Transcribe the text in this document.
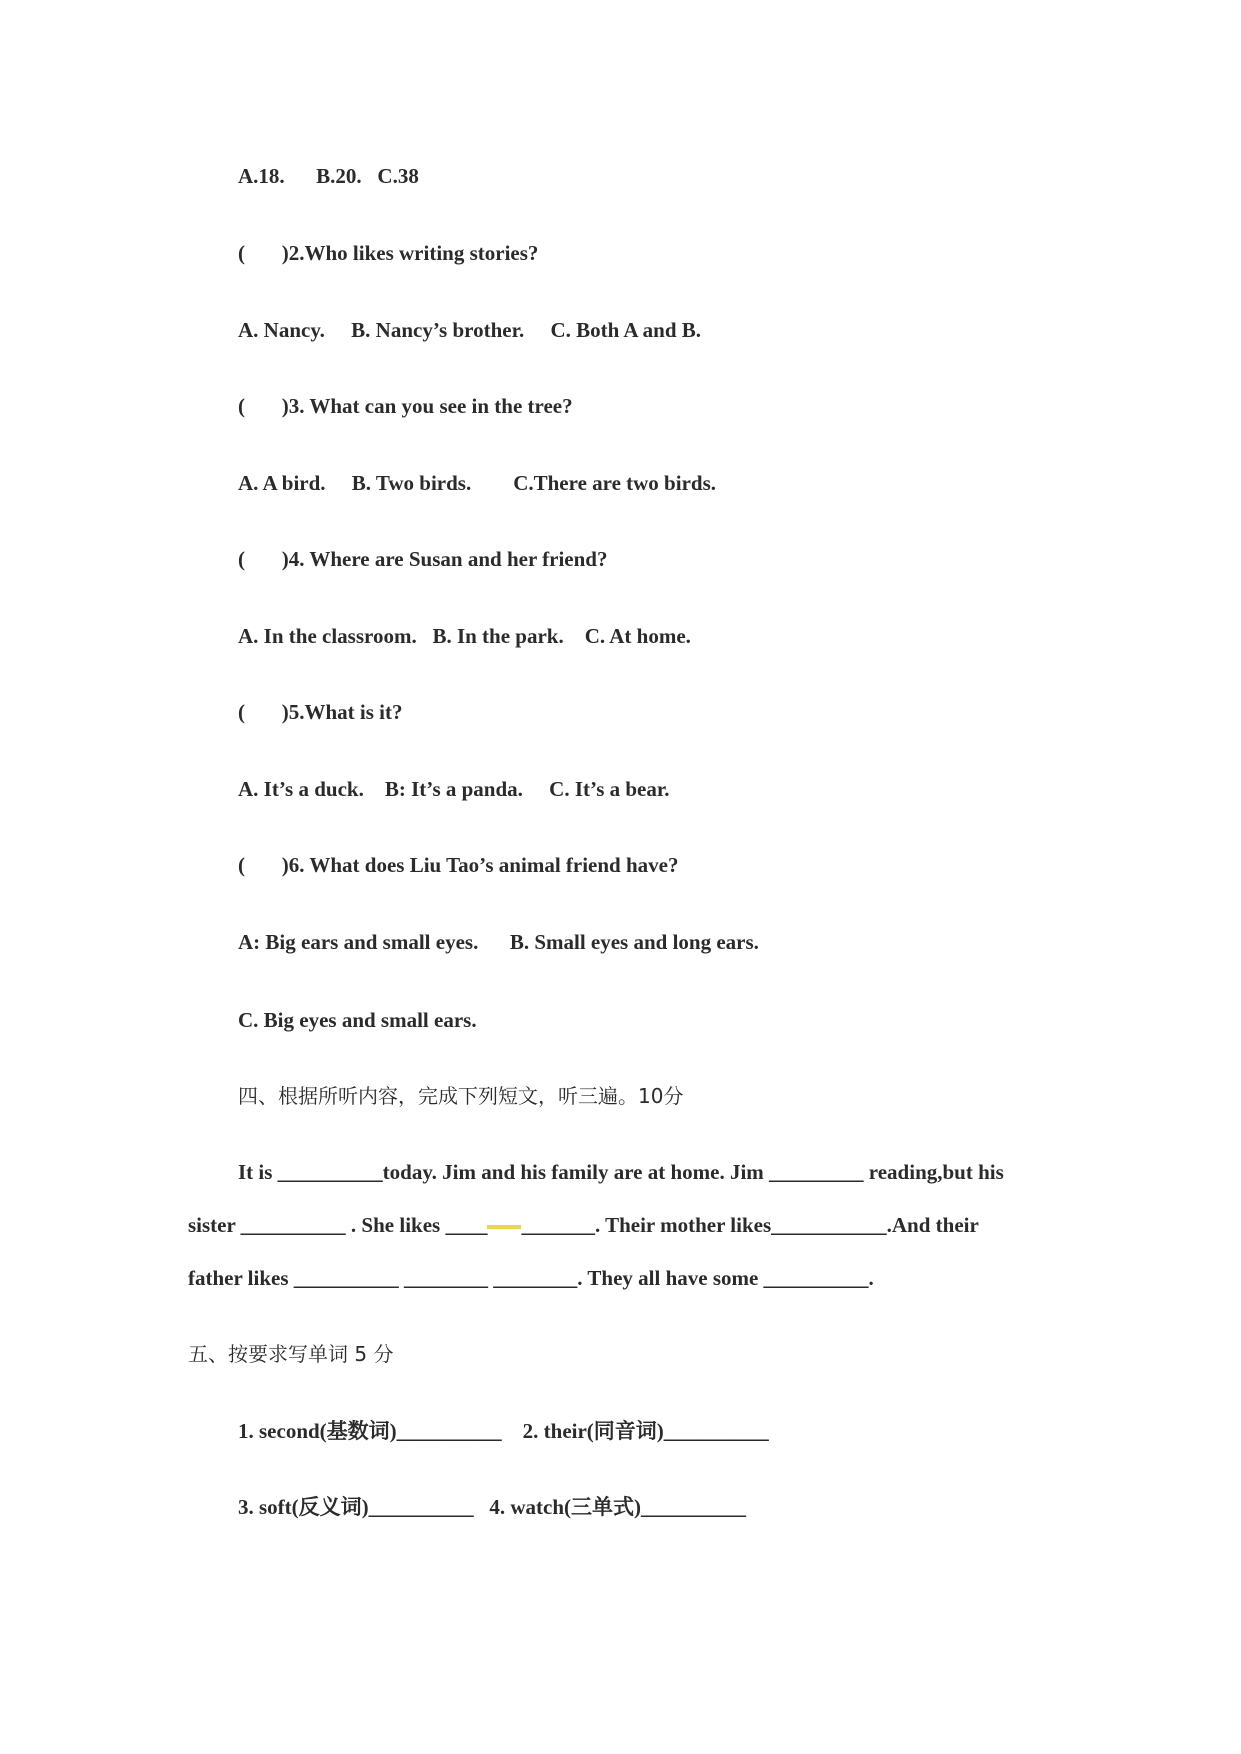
A.18.      B.20.   C.38
(       )2.Who likes writing stories?
A. Nancy.     B. Nancy’s brother.     C. Both A and B.
(       )3. What can you see in the tree?
A. A bird.     B. Two birds.        C.There are two birds.
(       )4. Where are Susan and her friend?
A. In the classroom.   B. In the park.    C. At home.
(       )5.What is it?
A. It’s a duck.    B: It’s a panda.     C. It’s a bear.
(       )6. What does Liu Tao’s animal friend have?
A: Big ears and small eyes.      B. Small eyes and long ears.
C. Big eyes and small ears.
四、根据所听内容，完成下列短文，听三遍。10分
It is __________today. Jim and his family are at home. Jim _________ reading,but his
sister __________ . She likes ____ _______. Their mother likes___________.And their
father likes __________ ________ ________. They all have some __________.
五、按要求写单词 5 分
1. second(基数词)__________    2. their(同音词)__________
3. soft(反义词)__________   4. watch(三单式)__________
